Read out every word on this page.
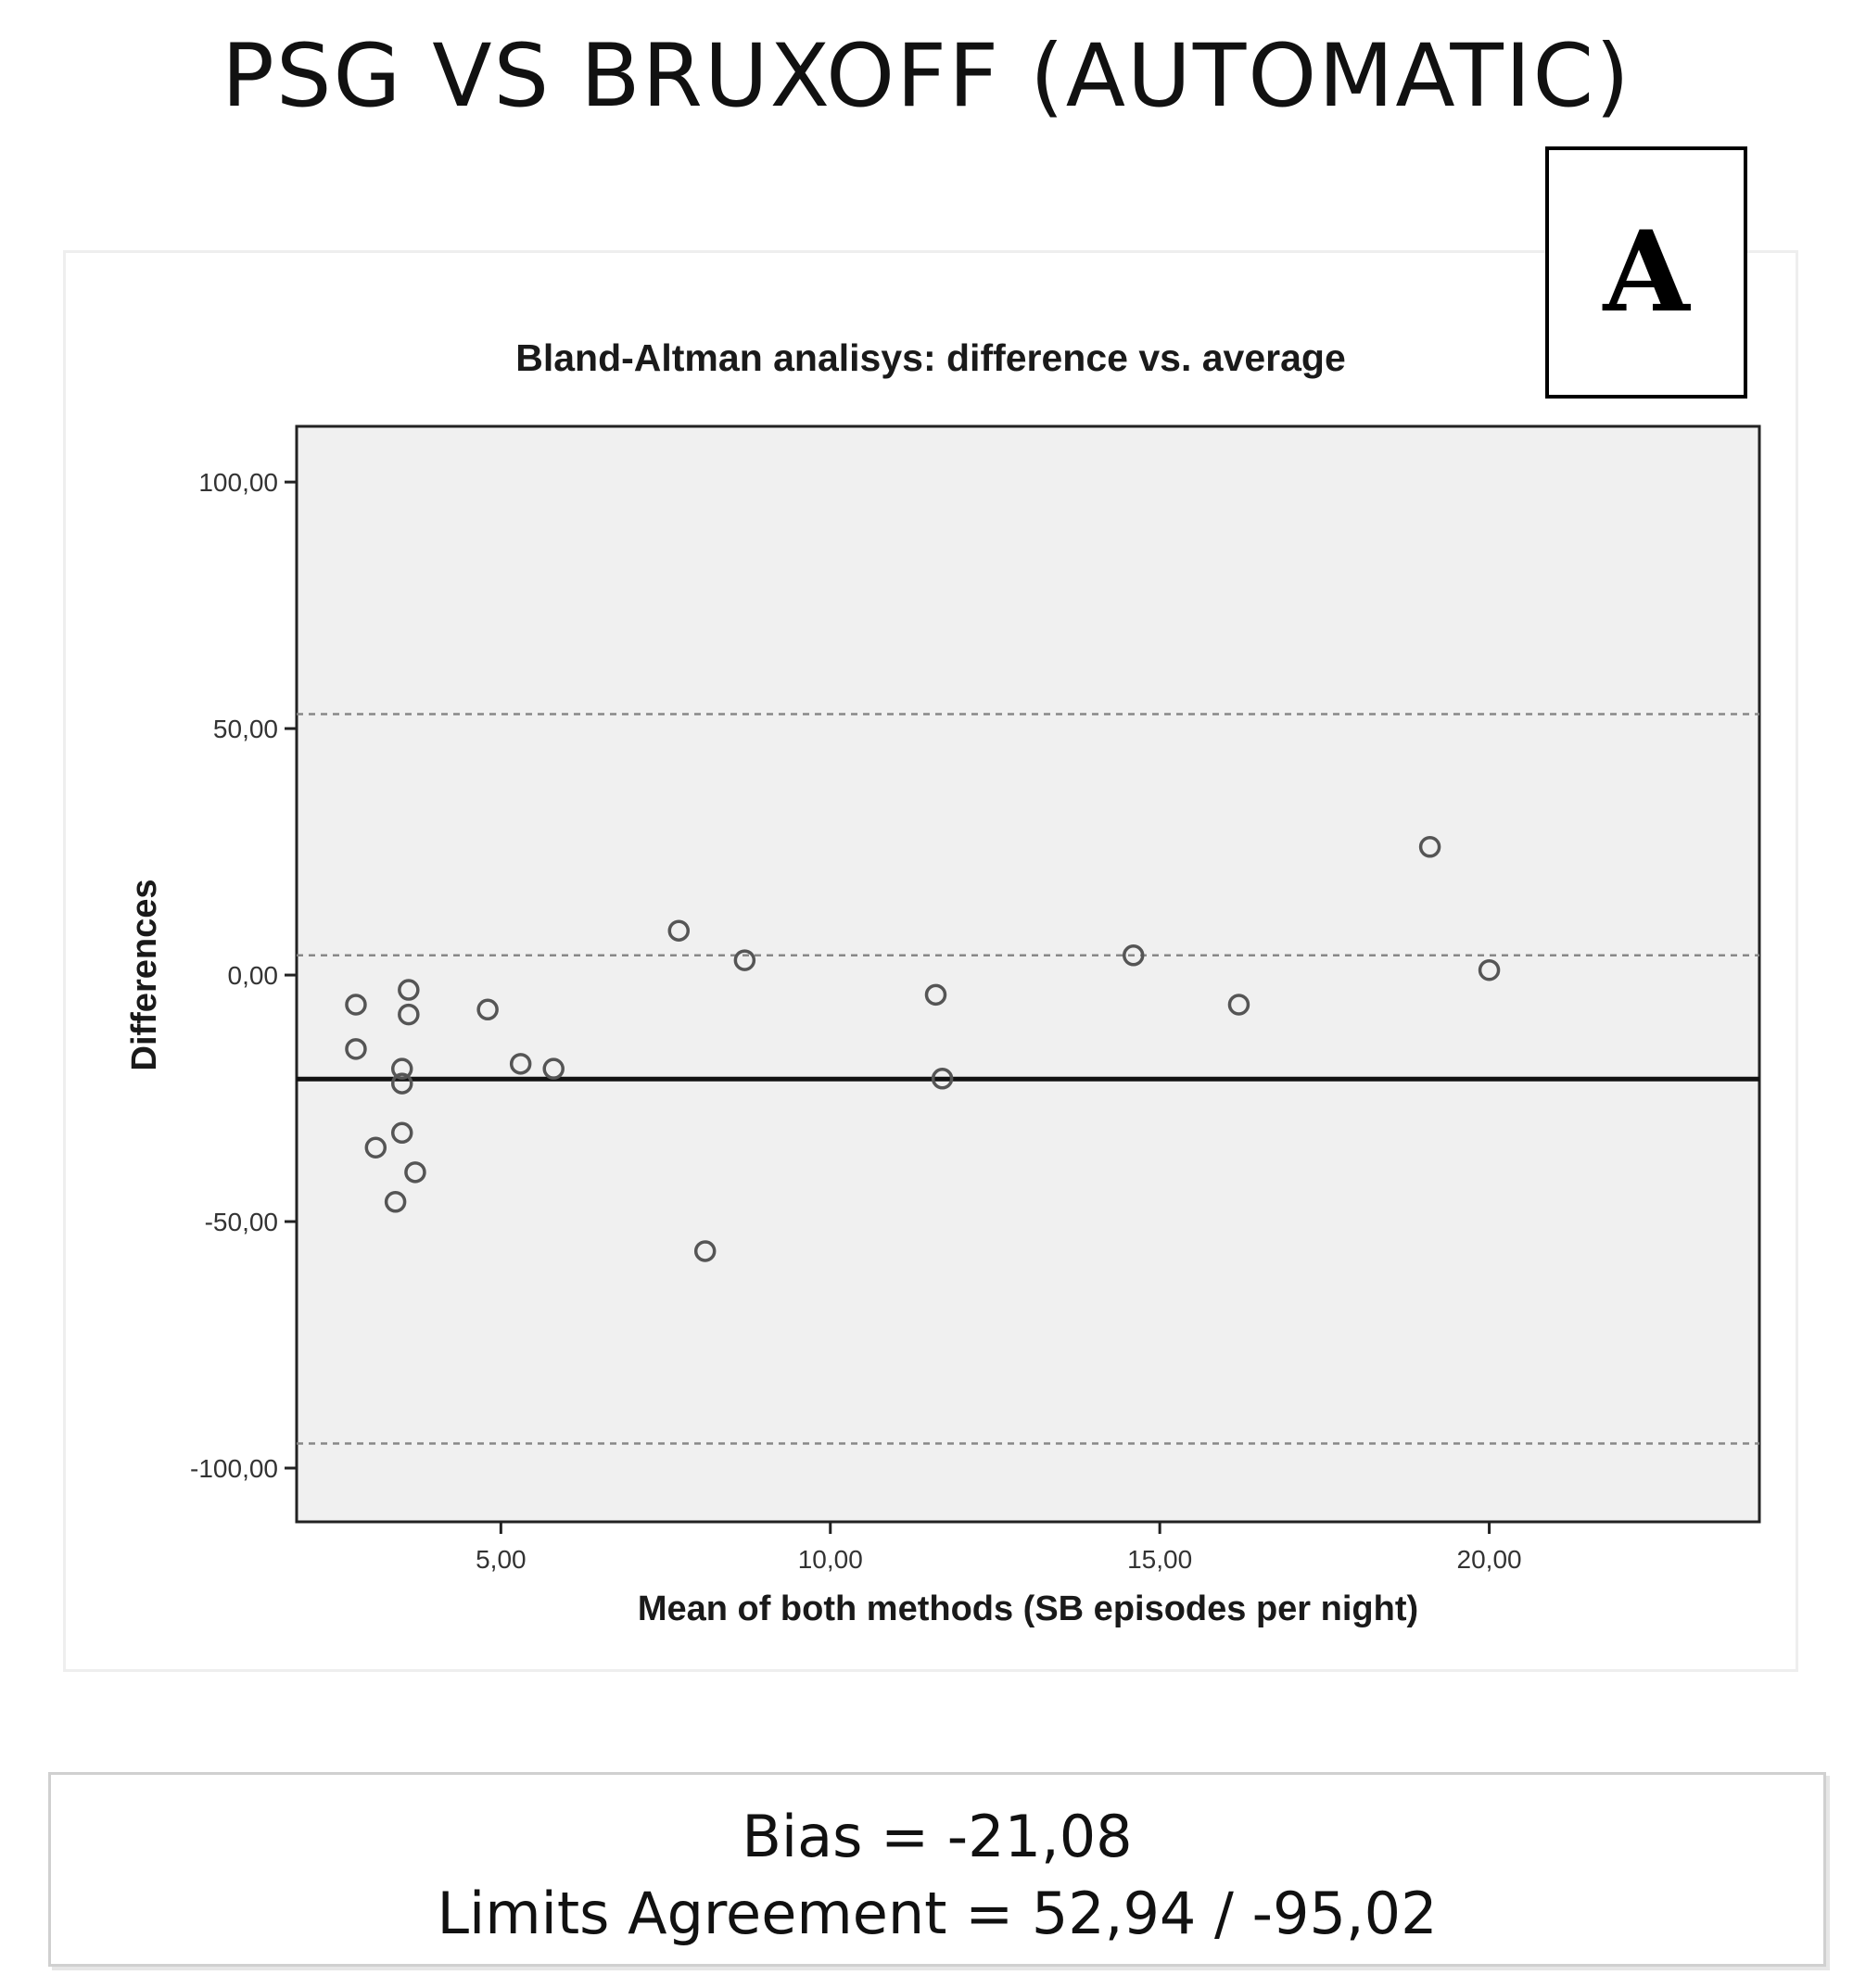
PSG VS BRUXOFF (AUTOMATIC)
Bland-Altman analisys: difference vs. average
100,00
50,00
0,00
-50,00
-100,00
5,00	10,00	15,00	20,00
Mean of both methods (SB episodes per night)
Differences
A
Bias = -21,08
Limits Agreement = 52,94 / -95,02
